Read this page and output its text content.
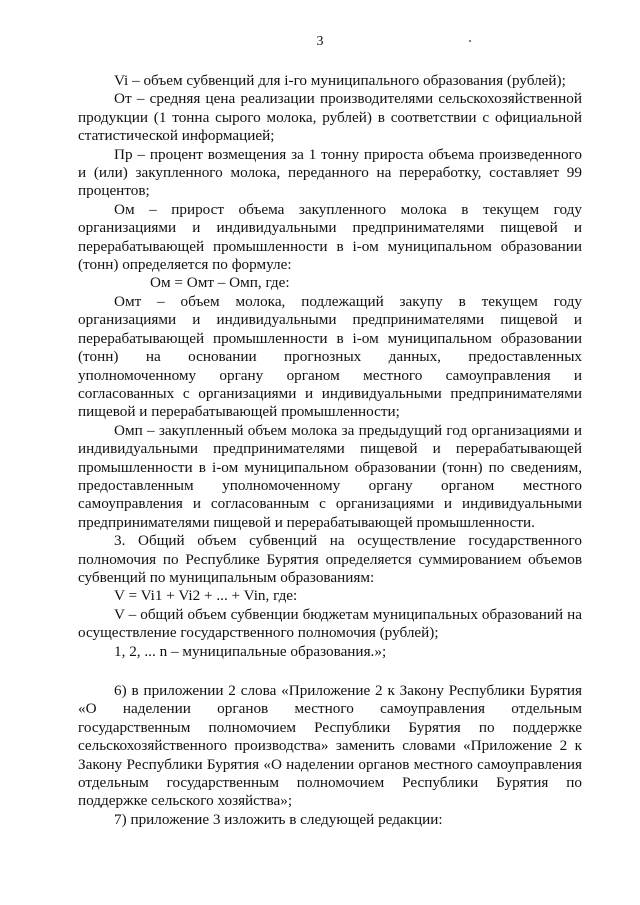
3

Vi – объем субвенций для i-го муниципального образования (рублей);

От – средняя цена реализации производителями сельскохозяйственной продукции (1 тонна сырого молока, рублей) в соответствии с официальной статистической информацией;

Пр – процент возмещения за 1 тонну прироста объема произведенного и (или) закупленного молока, переданного на переработку, составляет 99 процентов;

Ом – прирост объема закупленного молока в текущем году организациями и индивидуальными предпринимателями пищевой и перерабатывающей промышленности в i-ом муниципальном образовании (тонн) определяется по формуле:

Ом = Омт – Омп, где:

Омт – объем молока, подлежащий закупу в текущем году организациями и индивидуальными предпринимателями пищевой и перерабатывающей промышленности в i-ом муниципальном образовании (тонн) на основании прогнозных данных, предоставленных уполномоченному органу органом местного самоуправления и согласованных с организациями и индивидуальными предпринимателями пищевой и перерабатывающей промышленности;

Омп – закупленный объем молока за предыдущий год организациями и индивидуальными предпринимателями пищевой и перерабатывающей промышленности в i-ом муниципальном образовании (тонн) по сведениям, предоставленным уполномоченному органу органом местного самоуправления и согласованным с организациями и индивидуальными предпринимателями пищевой и перерабатывающей промышленности.

3. Общий объем субвенций на осуществление государственного полномочия по Республике Бурятия определяется суммированием объемов субвенций по муниципальным образованиям:

V = Vi1 + Vi2 + ... + Vin, где:

V – общий объем субвенции бюджетам муниципальных образований на осуществление государственного полномочия (рублей);

1, 2, ... n – муниципальные образования.»;

6) в приложении 2 слова «Приложение 2 к Закону Республики Бурятия «О наделении органов местного самоуправления отдельным государственным полномочием Республики Бурятия по поддержке сельскохозяйственного производства» заменить словами «Приложение 2 к Закону Республики Бурятия «О наделении органов местного самоуправления отдельным государственным полномочием Республики Бурятия по поддержке сельского хозяйства»;

7) приложение 3 изложить в следующей редакции:
